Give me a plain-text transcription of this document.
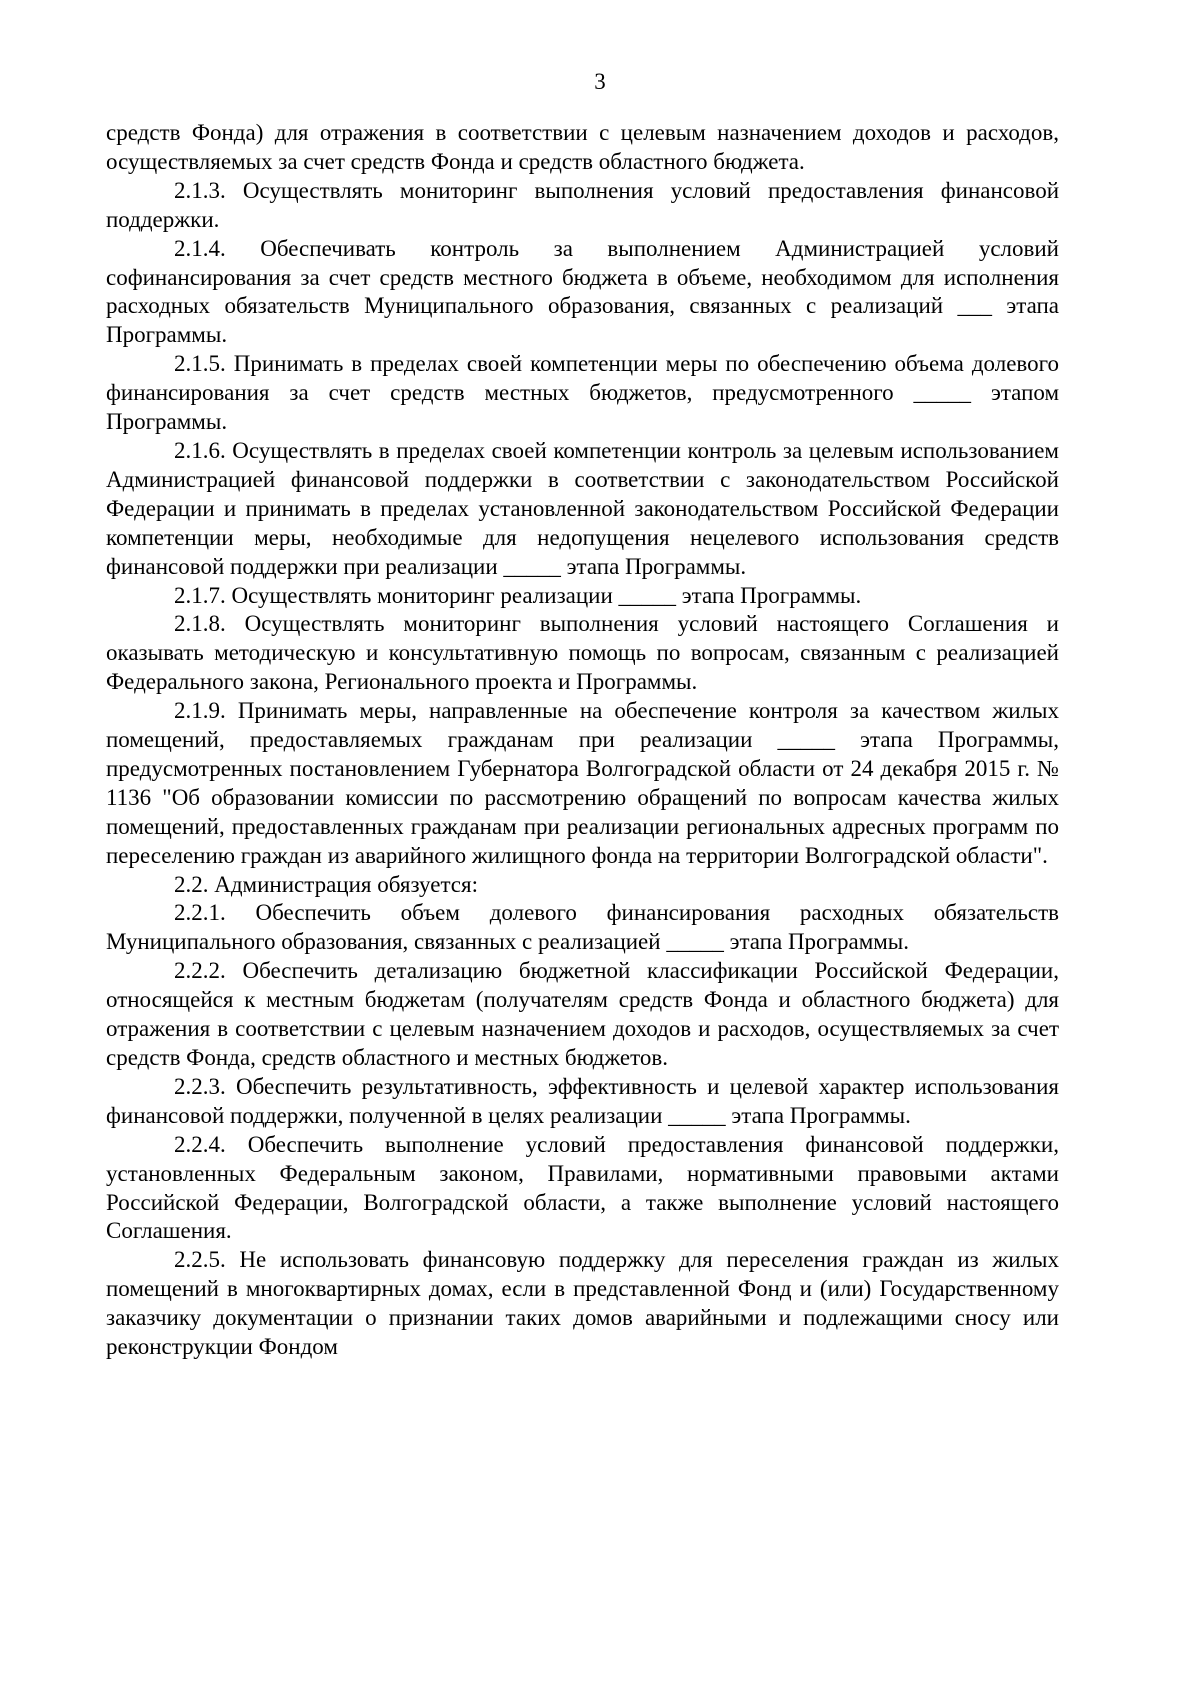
3

средств Фонда) для отражения в соответствии с целевым назначением доходов и расходов, осуществляемых за счет средств Фонда и средств областного бюджета.

2.1.3. Осуществлять мониторинг выполнения условий предоставления финансовой поддержки.

2.1.4. Обеспечивать контроль за выполнением Администрацией условий софинансирования за счет средств местного бюджета в объеме, необходимом для исполнения расходных обязательств Муниципального образования, связанных с реализаций ___ этапа Программы.

2.1.5. Принимать в пределах своей компетенции меры по обеспечению объема долевого финансирования за счет средств местных бюджетов, предусмотренного _____ этапом Программы.

2.1.6. Осуществлять в пределах своей компетенции контроль за целевым использованием Администрацией финансовой поддержки в соответствии с законодательством Российской Федерации и принимать в пределах установленной законодательством Российской Федерации компетенции меры, необходимые для недопущения нецелевого использования средств финансовой поддержки при реализации _____ этапа Программы.

2.1.7. Осуществлять мониторинг реализации _____ этапа Программы.

2.1.8. Осуществлять мониторинг выполнения условий настоящего Соглашения и оказывать методическую и консультативную помощь по вопросам, связанным с реализацией Федерального закона, Регионального проекта и Программы.

2.1.9. Принимать меры, направленные на обеспечение контроля за качеством жилых помещений, предоставляемых гражданам при реализации _____ этапа Программы, предусмотренных постановлением Губернатора Волгоградской области от 24 декабря 2015 г. № 1136 "Об образовании комиссии по рассмотрению обращений по вопросам качества жилых помещений, предоставленных гражданам при реализации региональных адресных программ по переселению граждан из аварийного жилищного фонда на территории Волгоградской области".

2.2. Администрация обязуется:

2.2.1. Обеспечить объем долевого финансирования расходных обязательств Муниципального образования, связанных с реализацией _____ этапа Программы.

2.2.2. Обеспечить детализацию бюджетной классификации Российской Федерации, относящейся к местным бюджетам (получателям средств Фонда и областного бюджета) для отражения в соответствии с целевым назначением доходов и расходов, осуществляемых за счет средств Фонда, средств областного и местных бюджетов.

2.2.3. Обеспечить результативность, эффективность и целевой характер использования финансовой поддержки, полученной в целях реализации _____ этапа Программы.

2.2.4. Обеспечить выполнение условий предоставления финансовой поддержки, установленных Федеральным законом, Правилами, нормативными правовыми актами Российской Федерации, Волгоградской области, а также выполнение условий настоящего Соглашения.

2.2.5. Не использовать финансовую поддержку для переселения граждан из жилых помещений в многоквартирных домах, если в представленной Фонд и (или) Государственному заказчику документации о признании таких домов аварийными и подлежащими сносу или реконструкции Фондом
